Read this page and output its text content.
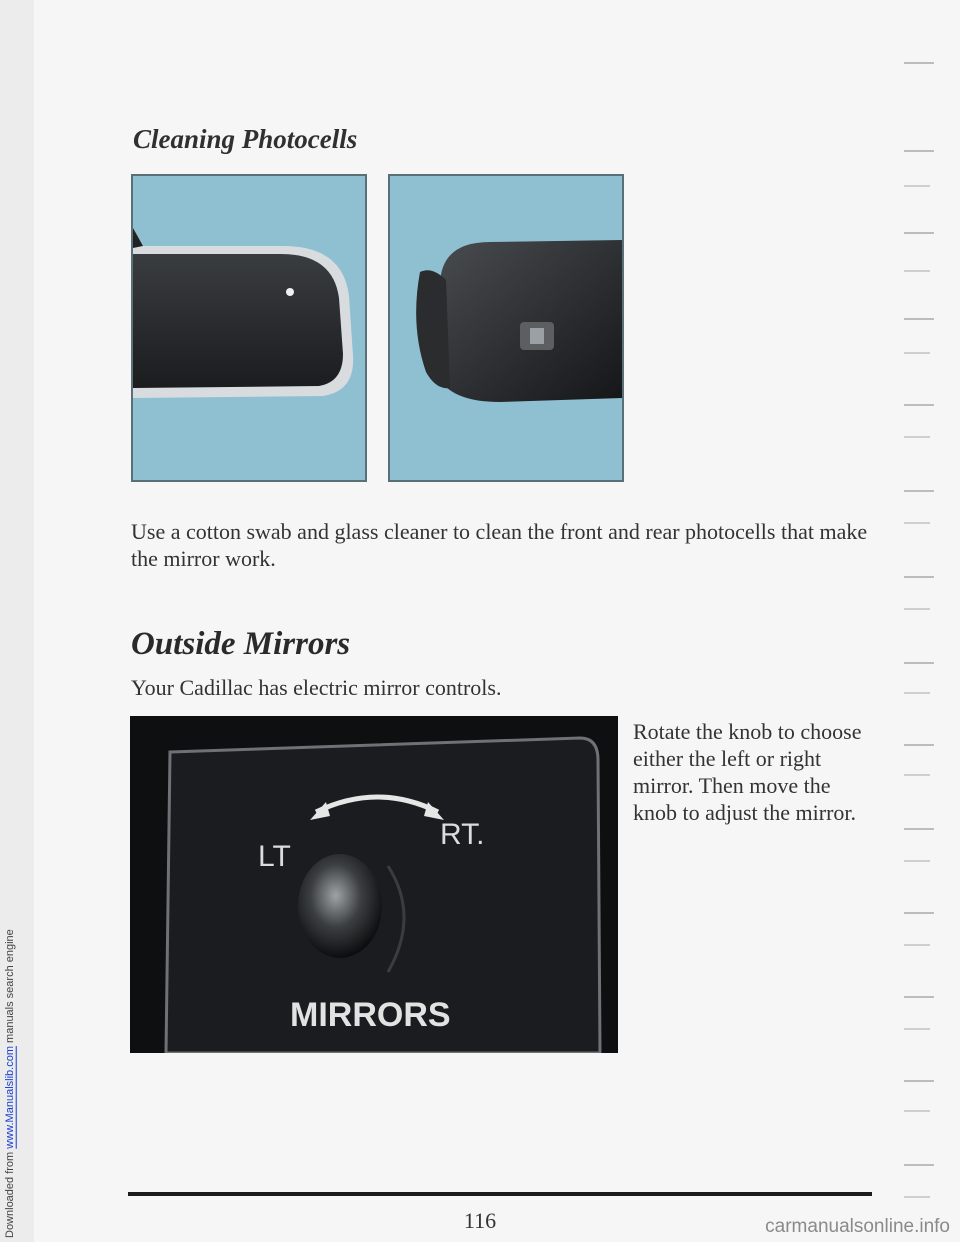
Downloaded from www.Manualslib.com manuals search engine
Cleaning Photocells

Use a cotton swab and glass cleaner to clean the front and rear photocells that make the mirror work.

Outside Mirrors

Your Cadillac has electric mirror controls.

LT
RT.
MIRRORS

Rotate the knob to choose either the left or right mirror. Then move the knob to adjust the mirror.

116	carmanualsonline.info
